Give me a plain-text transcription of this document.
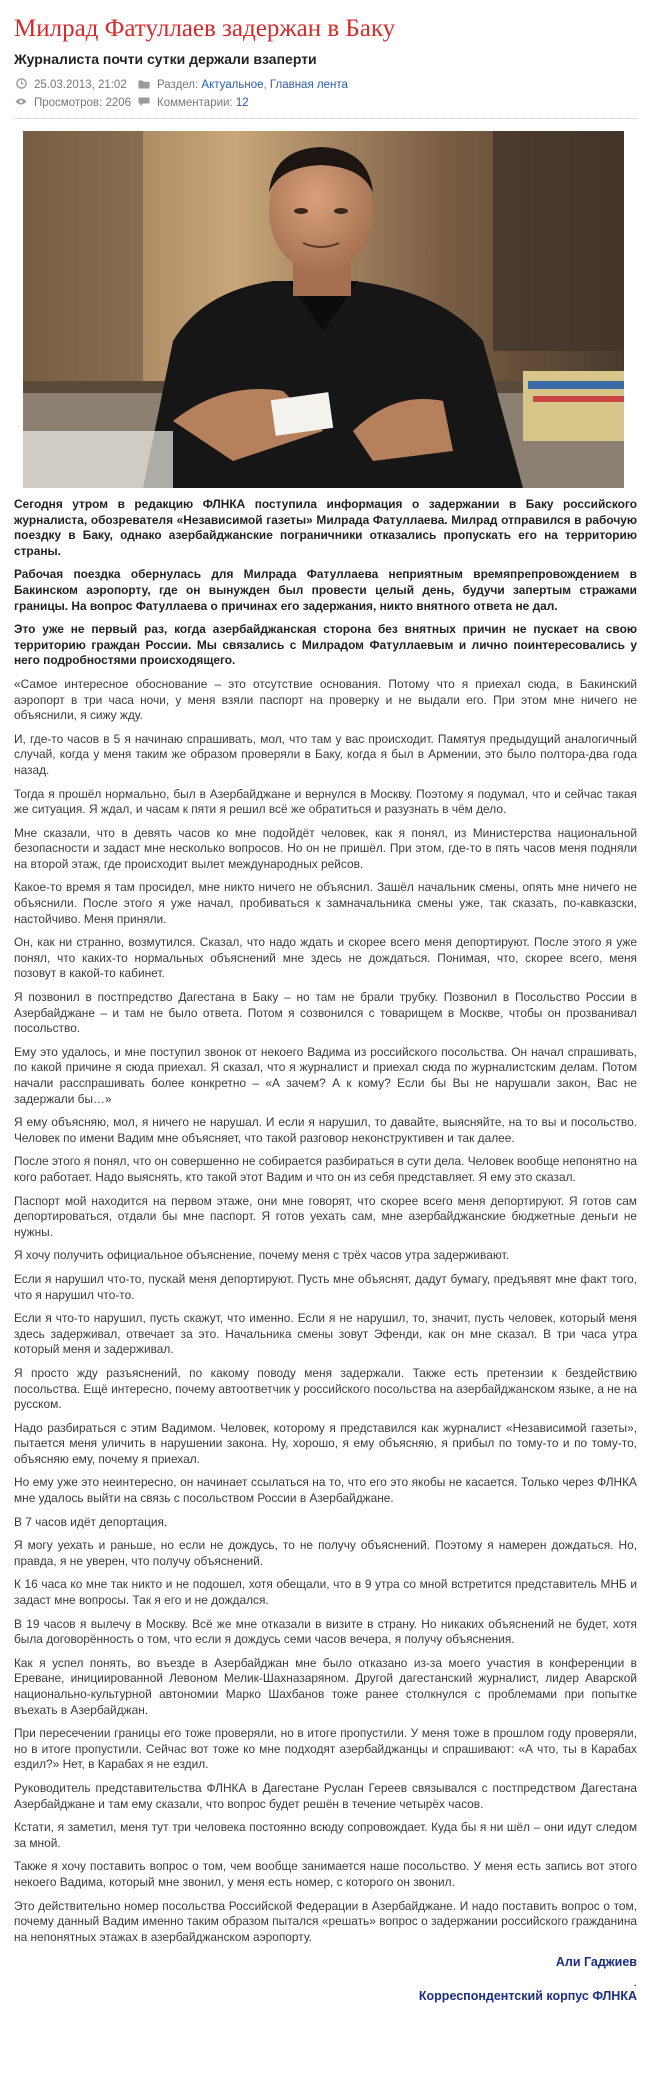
Милрад Фатуллаев задержан в Баку
Журналиста почти сутки держали взаперти
25.03.2013, 21:02	Раздел:
Актуальное , Главная лента
Просмотров:
2206 Комментарии:
12

Сегодня утром в редакцию ФЛНКА поступила информация о задержании в Баку российского журналиста, обозревателя «Независимой газеты» Милрада Фатуллаева. Милрад отправился в рабочую поездку в Баку, однако азербайджанские пограничники отказались пропускать его на территорию страны.

Рабочая поездка обернулась для Милрада Фатуллаева неприятным времяпрепровождением в Бакинском аэропорту, где он вынужден был провести целый день, будучи запертым стражами границы. На вопрос Фатуллаева о причинах его задержания, никто внятного ответа не дал.

Это уже не первый раз, когда азербайджанская сторона без внятных причин не пускает на свою территорию граждан России. Мы связались с Милрадом Фатуллаевым и лично поинтересовались у него подробностями происходящего.

«Самое интересное обоснование – это отсутствие основания. Потому что я приехал сюда, в Бакинский аэропорт в три часа ночи, у меня взяли паспорт на проверку и не выдали его. При этом мне ничего не объяснили, я сижу жду.

И, где-то часов в 5 я начинаю спрашивать, мол, что там у вас происходит. Памятуя предыдущий аналогичный случай, когда у меня таким же образом проверяли в Баку, когда я был в Армении, это было полтора-два года назад.

Тогда я прошёл нормально, был в Азербайджане и вернулся в Москву. Поэтому я подумал, что и сейчас такая же ситуация. Я ждал, и часам к пяти я решил всё же обратиться и разузнать в чём дело.

Мне сказали, что в девять часов ко мне подойдёт человек, как я понял, из Министерства национальной безопасности и задаст мне несколько вопросов. Но он не пришёл. При этом, где-то в пять часов меня подняли на второй этаж, где происходит вылет международных рейсов.

Какое-то время я там просидел, мне никто ничего не объяснил. Зашёл начальник смены, опять мне ничего не объяснили. После этого я уже начал, пробиваться к замначальника смены уже, так сказать, по-кавказски, настойчиво. Меня приняли.

Он, как ни странно, возмутился. Сказал, что надо ждать и скорее всего меня депортируют. После этого я уже понял, что каких-то нормальных объяснений мне здесь не дождаться. Понимая, что, скорее всего, меня позовут в какой-то кабинет.

Я позвонил в постпредство Дагестана в Баку – но там не брали трубку. Позвонил в Посольство России в Азербайджане – и там не было ответа. Потом я созвонился с товарищем в Москве, чтобы он прозванивал посольство.

Ему это удалось, и мне поступил звонок от некоего Вадима из российского посольства. Он начал спрашивать, по какой причине я сюда приехал. Я сказал, что я журналист и приехал сюда по журналистским делам. Потом начали расспрашивать более конкретно – «А зачем? А к кому? Если бы Вы не нарушали закон, Вас не задержали бы…»

Я ему объясняю, мол, я ничего не нарушал. И если я нарушил, то давайте, выясняйте, на то вы и посольство. Человек по имени Вадим мне объясняет, что такой разговор неконструктивен и так далее.

После этого я понял, что он совершенно не собирается разбираться в сути дела. Человек вообще непонятно на кого работает. Надо выяснять, кто такой этот Вадим и что он из себя представляет. Я ему это сказал.

Паспорт мой находится на первом этаже, они мне говорят, что скорее всего меня депортируют. Я готов сам депортироваться, отдали бы мне паспорт. Я готов уехать сам, мне азербайджанские бюджетные деньги не нужны.

Я хочу получить официальное объяснение, почему меня с трёх часов утра задерживают.

Если я нарушил что-то, пускай меня депортируют. Пусть мне объяснят, дадут бумагу, предъявят мне факт того, что я нарушил что-то.

Если я что-то нарушил, пусть скажут, что именно. Если я не нарушил, то, значит, пусть человек, который меня здесь задерживал, отвечает за это. Начальника смены зовут Эфенди, как он мне сказал. В три часа утра который меня и задерживал.

Я просто жду разъяснений, по какому поводу меня задержали. Также есть претензии к бездействию посольства. Ещё интересно, почему автоответчик у российского посольства на азербайджанском языке, а не на русском.

Надо разбираться с этим Вадимом. Человек, которому я представился как журналист «Независимой газеты», пытается меня уличить в нарушении закона. Ну, хорошо, я ему объясняю, я прибыл по тому-то и по тому-то, объясняю ему, почему я приехал.

Но ему уже это неинтересно, он начинает ссылаться на то, что его это якобы не касается. Только через ФЛНКА мне удалось выйти на связь с посольством России в Азербайджане.

В 7 часов идёт депортация.

Я могу уехать и раньше, но если не дождусь, то не получу объяснений. Поэтому я намерен дождаться. Но, правда, я не уверен, что получу объяснений.

К 16 часа ко мне так никто и не подошел, хотя обещали, что в 9 утра со мной встретится представитель МНБ и задаст мне вопросы. Так я его и не дождался.

В 19 часов я вылечу в Москву. Всё же мне отказали в визите в страну. Но никаких объяснений не будет, хотя была договорённость о том, что если я дождусь семи часов вечера, я получу объяснения.

Как я успел понять, во въезде в Азербайджан мне было отказано из-за моего участия в конференции в Ереване, инициированной Левоном Мелик-Шахназаряном. Другой дагестанский журналист, лидер Аварской национально-культурной автономии Марко Шахбанов тоже ранее столкнулся с проблемами при попытке въехать в Азербайджан.

При пересечении границы его тоже проверяли, но в итоге пропустили. У меня тоже в прошлом году проверяли, но в итоге пропустили. Сейчас вот тоже ко мне подходят азербайджанцы и спрашивают: «А что, ты в Карабах ездил?» Нет, в Карабах я не ездил.

Руководитель представительства ФЛНКА в Дагестане Руслан Гереев связывался с постпредством Дагестана Азербайджане и там ему сказали, что вопрос будет решён в течение четырёх часов.

Кстати, я заметил, меня тут три человека постоянно всюду сопровождает. Куда бы я ни шёл – они идут следом за мной.

Также я хочу поставить вопрос о том, чем вообще занимается наше посольство. У меня есть запись вот этого некоего Вадима, который мне звонил, у меня есть номер, с которого он звонил.

Это действительно номер посольства Российской Федерации в Азербайджане. И надо поставить вопрос о том, почему данный Вадим именно таким образом пытался «решать» вопрос о задержании российского гражданина на непонятных этажах в азербайджанском аэропорту.

Али Гаджиев
.
Корреспондентский корпус ФЛНКА
